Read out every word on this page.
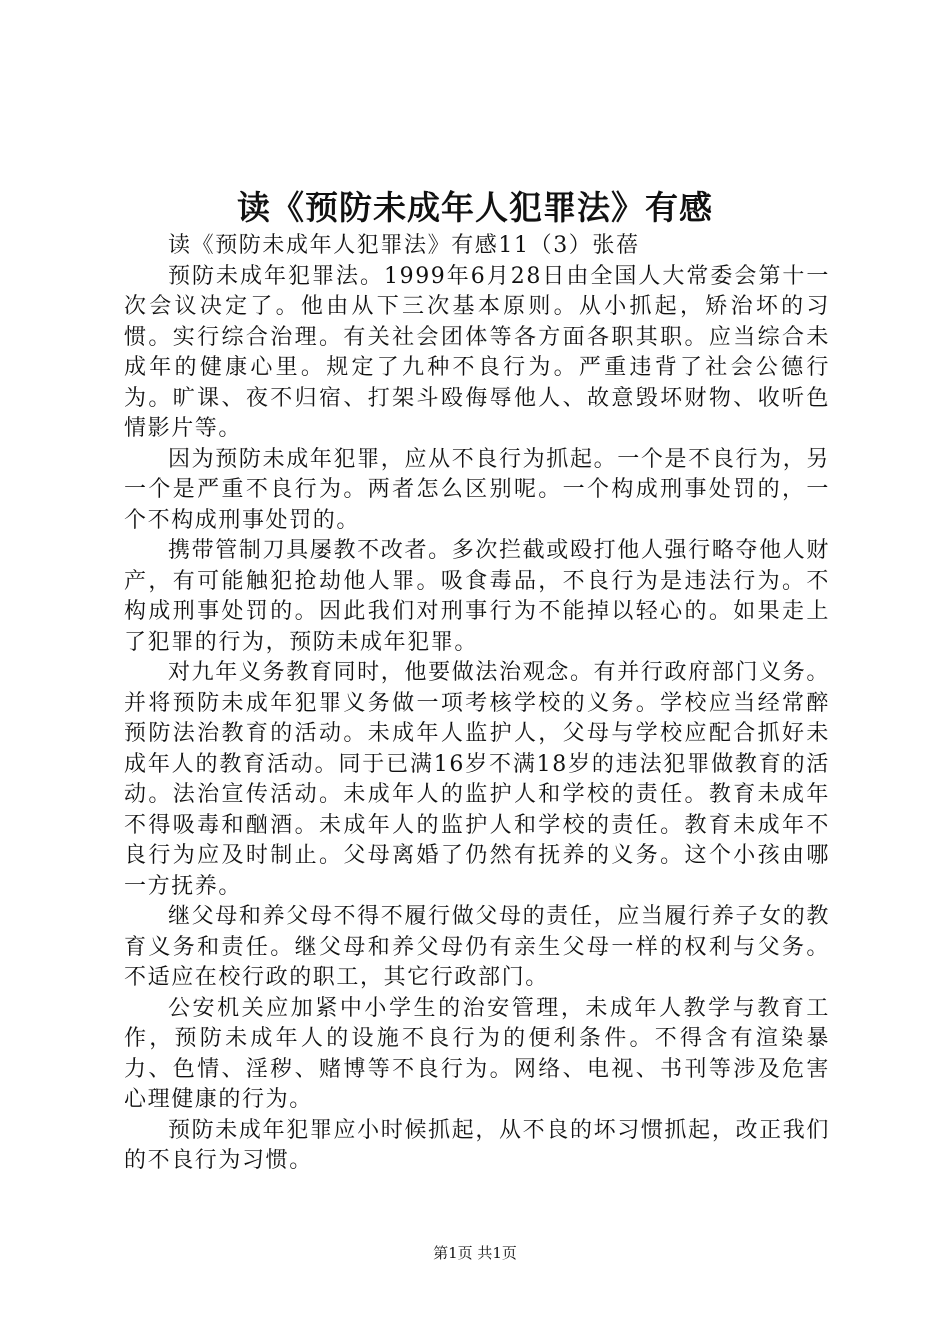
读《预防未成年人犯罪法》有感

读《预防未成年人犯罪法》有感11（3）张蓓

预防未成年犯罪法。1999年6月28日由全国人大常委会第十一次会议决定了。他由从下三次基本原则。从小抓起，矫治坏的习惯。实行综合治理。有关社会团体等各方面各职其职。应当综合未成年的健康心里。规定了九种不良行为。严重违背了社会公德行为。旷课、夜不归宿、打架斗殴侮辱他人、故意毁坏财物、收听色情影片等。

因为预防未成年犯罪，应从不良行为抓起。一个是不良行为，另一个是严重不良行为。两者怎么区别呢。一个构成刑事处罚的，一个不构成刑事处罚的。

携带管制刀具屡教不改者。多次拦截或殴打他人强行略夺他人财产，有可能触犯抢劫他人罪。吸食毒品，不良行为是违法行为。不构成刑事处罚的。因此我们对刑事行为不能掉以轻心的。如果走上了犯罪的行为，预防未成年犯罪。

对九年义务教育同时，他要做法治观念。有并行政府部门义务。并将预防未成年犯罪义务做一项考核学校的义务。学校应当经常醉预防法治教育的活动。未成年人监护人，父母与学校应配合抓好未成年人的教育活动。同于已满16岁不满18岁的违法犯罪做教育的活动。法治宣传活动。未成年人的监护人和学校的责任。教育未成年不得吸毒和酗酒。未成年人的监护人和学校的责任。教育未成年不良行为应及时制止。父母离婚了仍然有抚养的义务。这个小孩由哪一方抚养。

继父母和养父母不得不履行做父母的责任，应当履行养子女的教育义务和责任。继父母和养父母仍有亲生父母一样的权利与父务。不适应在校行政的职工，其它行政部门。

公安机关应加紧中小学生的治安管理，未成年人教学与教育工作，预防未成年人的设施不良行为的便利条件。不得含有渲染暴力、色情、淫秽、赌博等不良行为。网络、电视、书刊等涉及危害心理健康的行为。

预防未成年犯罪应小时候抓起，从不良的坏习惯抓起，改正我们的不良行为习惯。

第1页 共1页
